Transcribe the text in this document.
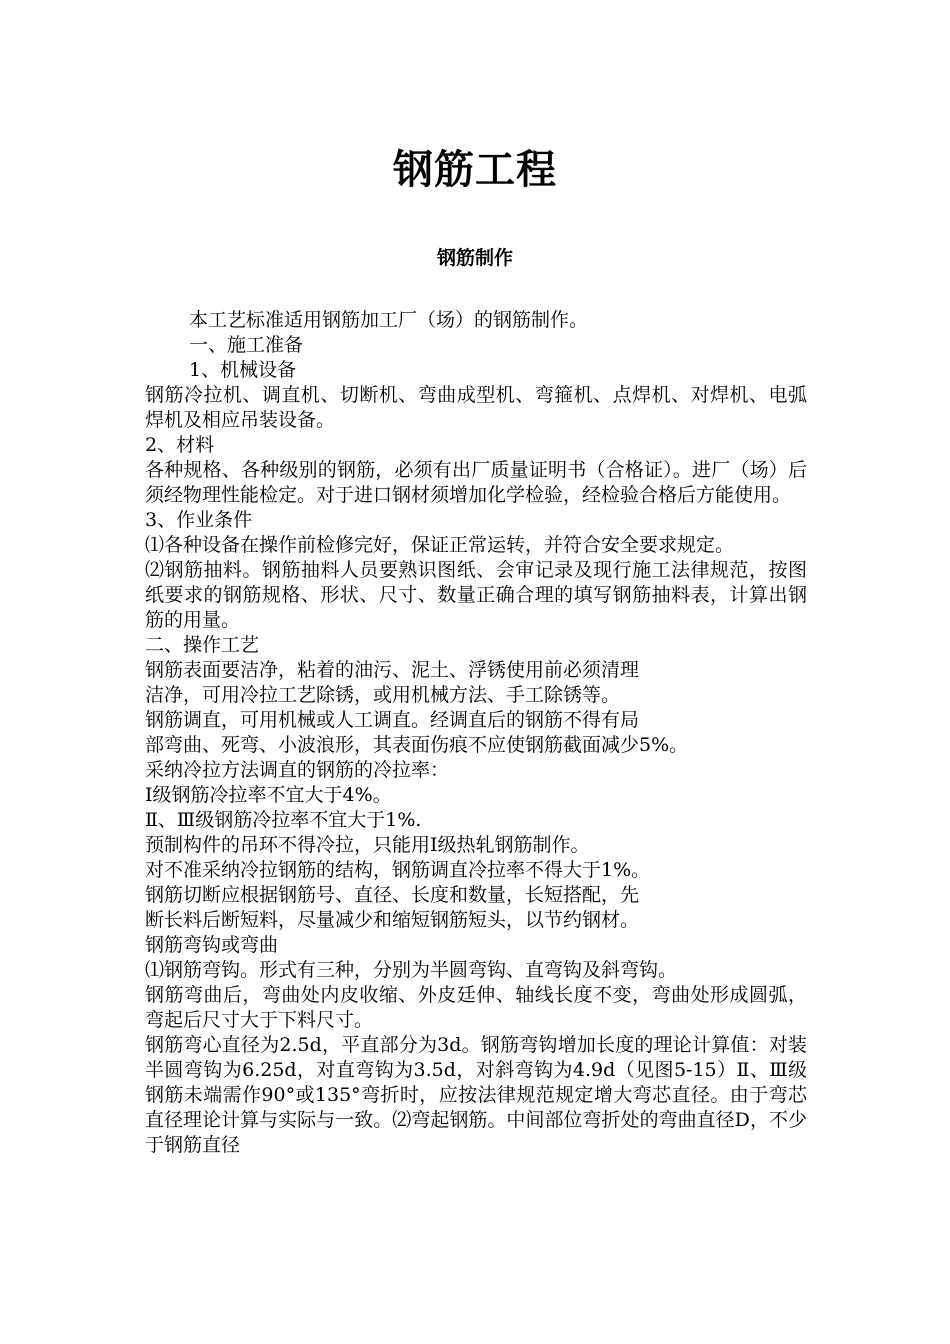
钢筋工程
钢筋制作

本工艺标准适用钢筋加工厂（场）的钢筋制作。

一、施工准备

1、机械设备

钢筋冷拉机、调直机、切断机、弯曲成型机、弯箍机、点焊机、对焊机、电弧焊机及相应吊装设备。

2、材料

各种规格、各种级别的钢筋，必须有出厂质量证明书（合格证）。进厂（场）后须经物理性能检定。对于进口钢材须增加化学检验，经检验合格后方能使用。

3、作业条件

⑴各种设备在操作前检修完好，保证正常运转，并符合安全要求规定。

⑵钢筋抽料。钢筋抽料人员要熟识图纸、会审记录及现行施工法律规范，按图纸要求的钢筋规格、形状、尺寸、数量正确合理的填写钢筋抽料表，计算出钢筋的用量。

二、操作工艺

钢筋表面要洁净，粘着的油污、泥土、浮锈使用前必须清理

洁净，可用冷拉工艺除锈，或用机械方法、手工除锈等。

钢筋调直，可用机械或人工调直。经调直后的钢筋不得有局

部弯曲、死弯、小波浪形，其表面伤痕不应使钢筋截面减少5%。

采纳冷拉方法调直的钢筋的冷拉率：

Ⅰ级钢筋冷拉率不宜大于4%。

Ⅱ、Ⅲ级钢筋冷拉率不宜大于1%.

预制构件的吊环不得冷拉，只能用Ⅰ级热轧钢筋制作。

对不准采纳冷拉钢筋的结构，钢筋调直冷拉率不得大于1%。

钢筋切断应根据钢筋号、直径、长度和数量，长短搭配，先

断长料后断短料，尽量减少和缩短钢筋短头，以节约钢材。

钢筋弯钩或弯曲

⑴钢筋弯钩。形式有三种，分别为半圆弯钩、直弯钩及斜弯钩。

钢筋弯曲后，弯曲处内皮收缩、外皮廷伸、轴线长度不变，弯曲处形成圆弧，弯起后尺寸大于下料尺寸。

钢筋弯心直径为2.5d，平直部分为3d。钢筋弯钩增加长度的理论计算值：对装半圆弯钩为6.25d，对直弯钩为3.5d，对斜弯钩为4.9d（见图5-15）Ⅱ、Ⅲ级钢筋未端需作90°或135°弯折时，应按法律规范规定增大弯芯直径。由于弯芯直径理论计算与实际与一致。⑵弯起钢筋。中间部位弯折处的弯曲直径D，不少于钢筋直径
